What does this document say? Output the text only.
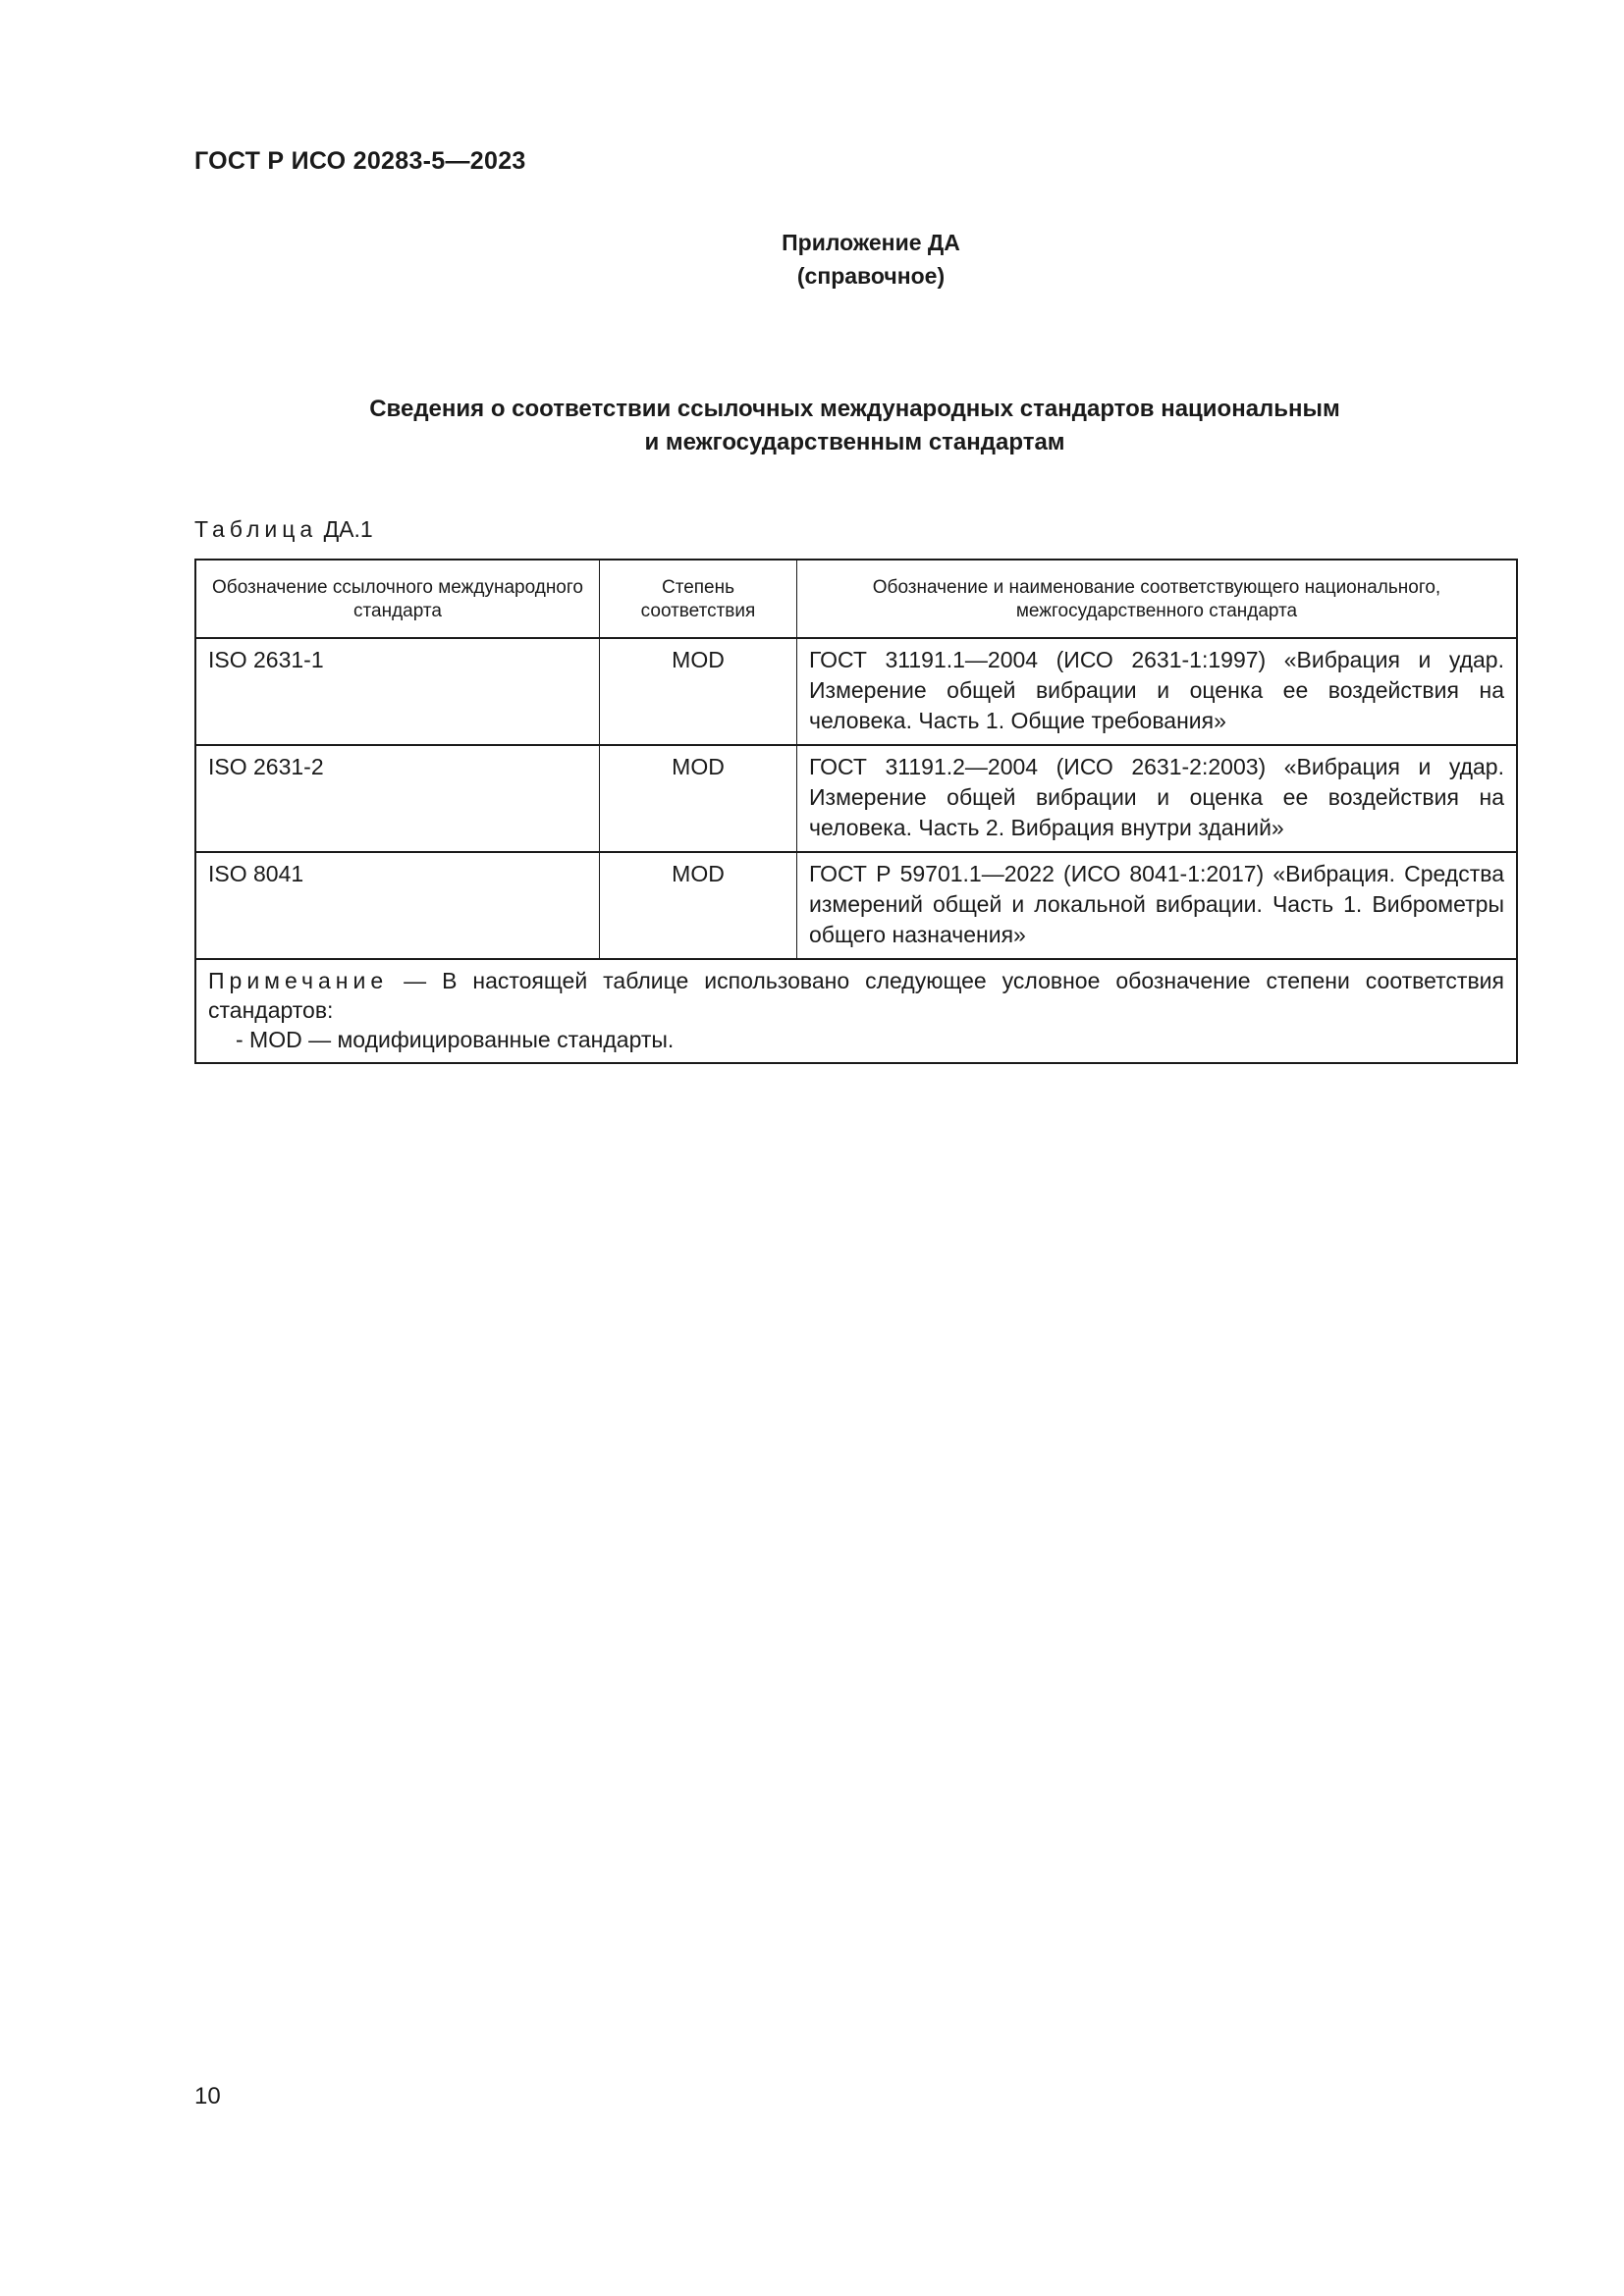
ГОСТ Р ИСО 20283-5—2023
Приложение ДА
(справочное)
Сведения о соответствии ссылочных международных стандартов национальным
и межгосударственным стандартам
Таблица ДА.1
Обозначение ссылочного международного стандарта	Степень соответствия	Обозначение и наименование соответствующего национального, межгосударственного стандарта
ISO 2631-1	MOD	ГОСТ 31191.1—2004 (ИСО 2631-1:1997) «Вибрация и удар. Измерение общей вибрации и оценка ее воздействия на человека. Часть 1. Общие требования»
ISO 2631-2	MOD	ГОСТ 31191.2—2004 (ИСО 2631-2:2003) «Вибрация и удар. Измерение общей вибрации и оценка ее воздействия на человека. Часть 2. Вибрация внутри зданий»
ISO 8041	MOD	ГОСТ Р 59701.1—2022 (ИСО 8041-1:2017) «Вибрация. Средства измерений общей и локальной вибрации. Часть 1. Виброметры общего назначения»
Примечание — В настоящей таблице использовано следующее условное обозначение степени соответствия стандартов:
- MOD — модифицированные стандарты.		
10
